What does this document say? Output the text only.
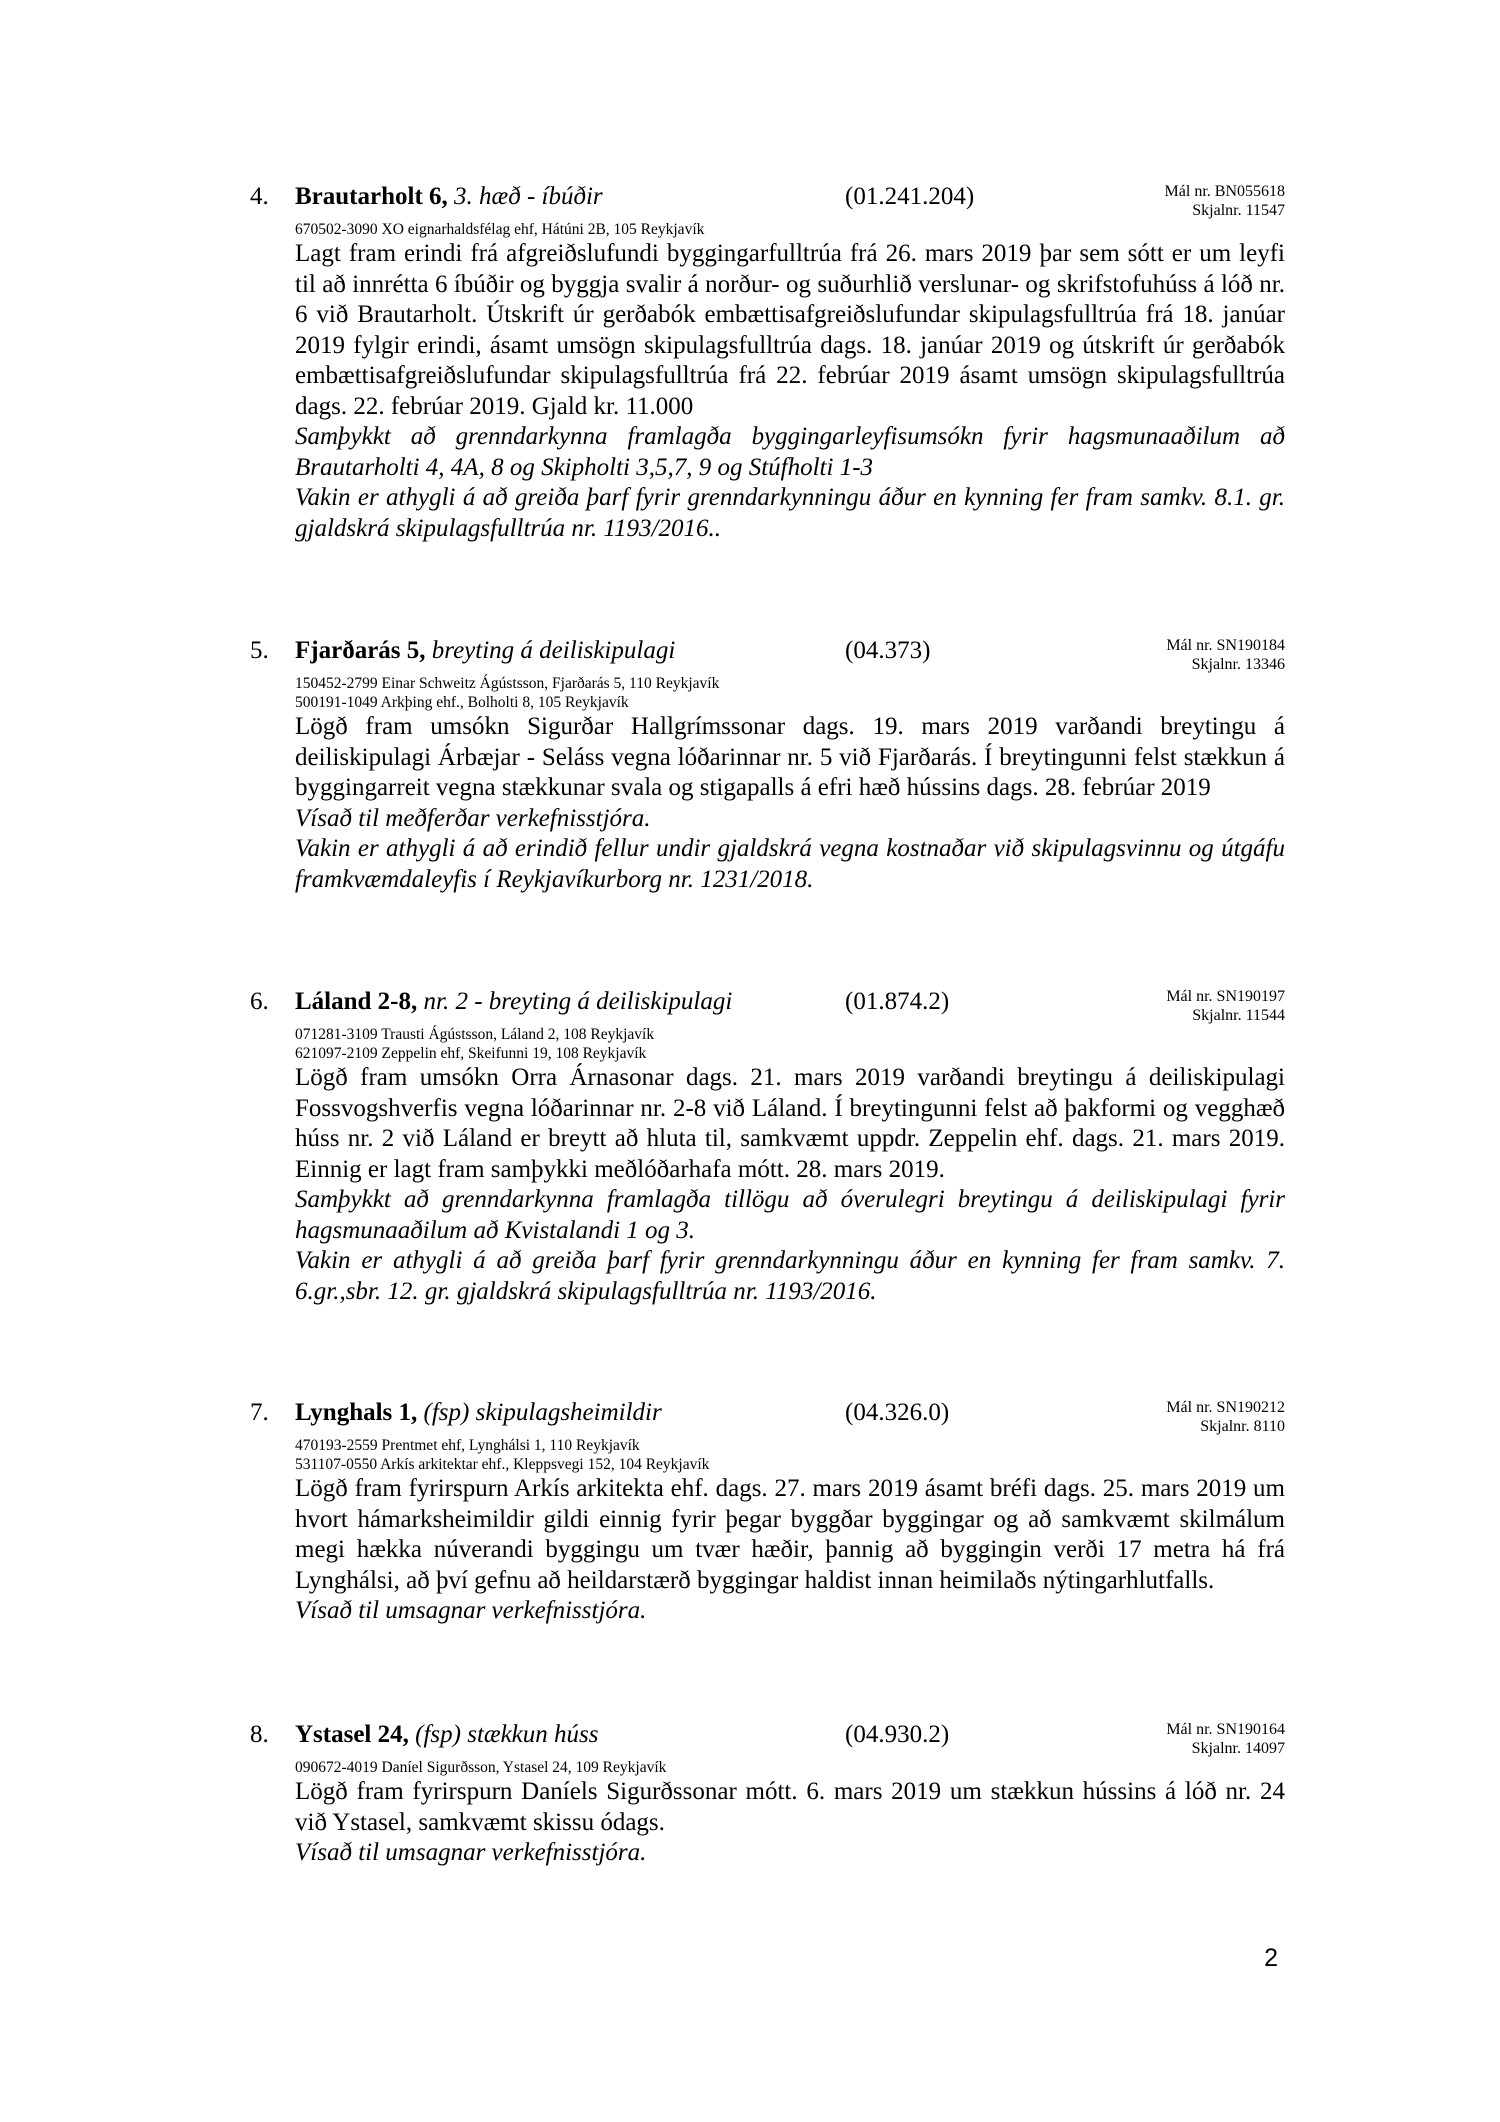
4. Brautarholt 6, 3. hæð - íbúðir	(01.241.204)	Mál nr. BN055618
Skjalnr. 11547
670502-3090 XO eignarhaldsfélag ehf, Hátúni 2B, 105 Reykjavík

Lagt fram erindi frá afgreiðslufundi byggingarfulltrúa frá 26. mars 2019 þar sem sótt er um leyfi til að innrétta 6 íbúðir og byggja svalir á norður- og suðurhlið verslunar- og skrifstofuhúss á lóð nr. 6 við Brautarholt. Útskrift úr gerðabók embættisafgreiðslufundar skipulagsfulltrúa frá 18. janúar 2019 fylgir erindi, ásamt umsögn skipulagsfulltrúa dags. 18. janúar 2019 og útskrift úr gerðabók embættisafgreiðslufundar skipulagsfulltrúa frá 22. febrúar 2019 ásamt umsögn skipulagsfulltrúa dags. 22. febrúar 2019. Gjald kr. 11.000

Samþykkt að grenndarkynna framlagða byggingarleyfisumsókn fyrir hagsmunaaðilum að Brautarholti 4, 4A, 8 og Skipholti 3,5,7, 9 og Stúfholti 1-3

Vakin er athygli á að greiða þarf fyrir grenndarkynningu áður en kynning fer fram samkv. 8.1. gr. gjaldskrá skipulagsfulltrúa nr. 1193/2016..

5. Fjarðarás 5, breyting á deiliskipulagi	(04.373)	Mál nr. SN190184
Skjalnr. 13346
150452-2799 Einar Schweitz Ágústsson, Fjarðarás 5, 110 Reykjavík
500191-1049 Arkþing ehf., Bolholti 8, 105 Reykjavík

Lögð fram umsókn Sigurðar Hallgrímssonar dags. 19. mars 2019 varðandi breytingu á deiliskipulagi Árbæjar - Seláss vegna lóðarinnar nr. 5 við Fjarðarás. Í breytingunni felst stækkun á byggingarreit vegna stækkunar svala og stigapalls á efri hæð hússins dags. 28. febrúar 2019

Vísað til meðferðar verkefnisstjóra.

Vakin er athygli á að erindið fellur undir gjaldskrá vegna kostnaðar við skipulagsvinnu og útgáfu framkvæmdaleyfis í Reykjavíkurborg nr. 1231/2018.

6. Láland 2-8, nr. 2 - breyting á deiliskipulagi	(01.874.2)	Mál nr. SN190197
Skjalnr. 11544
071281-3109 Trausti Ágústsson, Láland 2, 108 Reykjavík
621097-2109 Zeppelin ehf, Skeifunni 19, 108 Reykjavík

Lögð fram umsókn Orra Árnasonar dags. 21. mars 2019 varðandi breytingu á deiliskipulagi Fossvogshverfis vegna lóðarinnar nr. 2-8 við Láland. Í breytingunni felst að þakformi og vegghæð húss nr. 2 við Láland er breytt að hluta til, samkvæmt uppdr. Zeppelin ehf. dags. 21. mars 2019. Einnig er lagt fram samþykki meðlóðarhafa mótt. 28. mars 2019.

Samþykkt að grenndarkynna framlagða tillögu að óverulegri breytingu á deiliskipulagi fyrir hagsmunaaðilum að Kvistalandi 1 og 3.

Vakin er athygli á að greiða þarf fyrir grenndarkynningu áður en kynning fer fram samkv. 7. 6.gr.,sbr. 12. gr. gjaldskrá skipulagsfulltrúa nr. 1193/2016.

7. Lynghals 1, (fsp) skipulagsheimildir	(04.326.0)	Mál nr. SN190212
Skjalnr. 8110
470193-2559 Prentmet ehf, Lynghálsi 1, 110 Reykjavík
531107-0550 Arkís arkitektar ehf., Kleppsvegi 152, 104 Reykjavík

Lögð fram fyrirspurn Arkís arkitekta ehf. dags. 27. mars 2019 ásamt bréfi dags. 25. mars 2019 um hvort hámarksheimildir gildi einnig fyrir þegar byggðar byggingar og að samkvæmt skilmálum megi hækka núverandi byggingu um tvær hæðir, þannig að byggingin verði 17 metra há frá Lynghálsi, að því gefnu að heildarstærð byggingar haldist innan heimilaðs nýtingarhlutfalls.

Vísað til umsagnar verkefnisstjóra.

8. Ystasel 24, (fsp) stækkun húss	(04.930.2)	Mál nr. SN190164
Skjalnr. 14097
090672-4019 Daníel Sigurðsson, Ystasel 24, 109 Reykjavík

Lögð fram fyrirspurn Daníels Sigurðssonar mótt. 6. mars 2019 um stækkun hússins á lóð nr. 24 við Ystasel, samkvæmt skissu ódags.

Vísað til umsagnar verkefnisstjóra.

2
